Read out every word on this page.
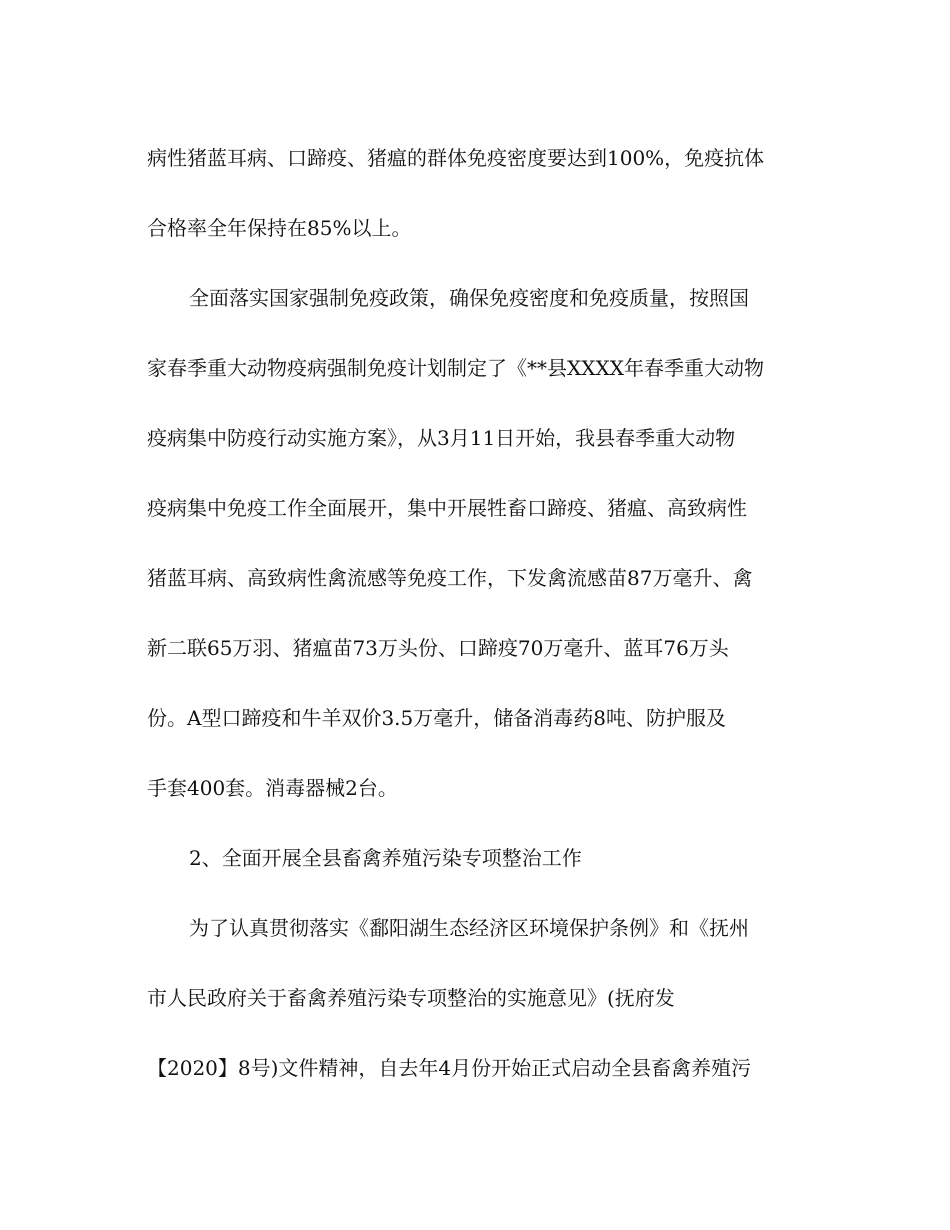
病性猪蓝耳病、口蹄疫、猪瘟的群体免疫密度要达到100%，免疫抗体
合格率全年保持在85%以上。
全面落实国家强制免疫政策，确保免疫密度和免疫质量，按照国
家春季重大动物疫病强制免疫计划制定了《**县XXXX年春季重大动物
疫病集中防疫行动实施方案》，从3月11日开始，我县春季重大动物
疫病集中免疫工作全面展开，集中开展牲畜口蹄疫、猪瘟、高致病性
猪蓝耳病、高致病性禽流感等免疫工作，下发禽流感苗87万毫升、禽
新二联65万羽、猪瘟苗73万头份、口蹄疫70万毫升、蓝耳76万头
份。A型口蹄疫和牛羊双价3.5万毫升，储备消毒药8吨、防护服及
手套400套。消毒器械2台。
2、全面开展全县畜禽养殖污染专项整治工作
为了认真贯彻落实《鄱阳湖生态经济区环境保护条例》和《抚州
市人民政府关于畜禽养殖污染专项整治的实施意见》(抚府发
【2020】8号)文件精神，自去年4月份开始正式启动全县畜禽养殖污
